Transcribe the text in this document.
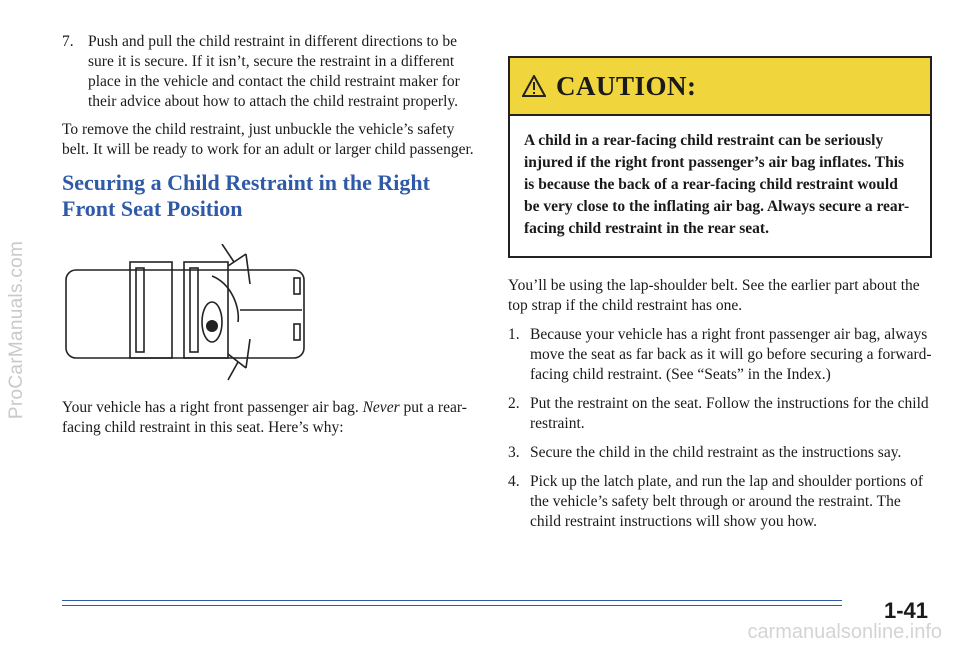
ProCarManuals.com
7. Push and pull the child restraint in different directions to be sure it is secure. If it isn’t, secure the restraint in a different place in the vehicle and contact the child restraint maker for their advice about how to attach the child restraint properly.

To remove the child restraint, just unbuckle the vehicle’s safety belt. It will be ready to work for an adult or larger child passenger.

Securing a Child Restraint in the Right Front Seat Position

Your vehicle has a right front passenger air bag. Never put a rear-facing child restraint in this seat. Here’s why:

CAUTION:
A child in a rear-facing child restraint can be seriously injured if the right front passenger’s air bag inflates. This is because the back of a rear-facing child restraint would be very close to the inflating air bag. Always secure a rear-facing child restraint in the rear seat.

You’ll be using the lap-shoulder belt. See the earlier part about the top strap if the child restraint has one.

1. Because your vehicle has a right front passenger air bag, always move the seat as far back as it will go before securing a forward-facing child restraint. (See “Seats” in the Index.)

2. Put the restraint on the seat. Follow the instructions for the child restraint.

3. Secure the child in the child restraint as the instructions say.

4. Pick up the latch plate, and run the lap and shoulder portions of the vehicle’s safety belt through or around the restraint. The child restraint instructions will show you how.

1-41
carmanualsonline.info
